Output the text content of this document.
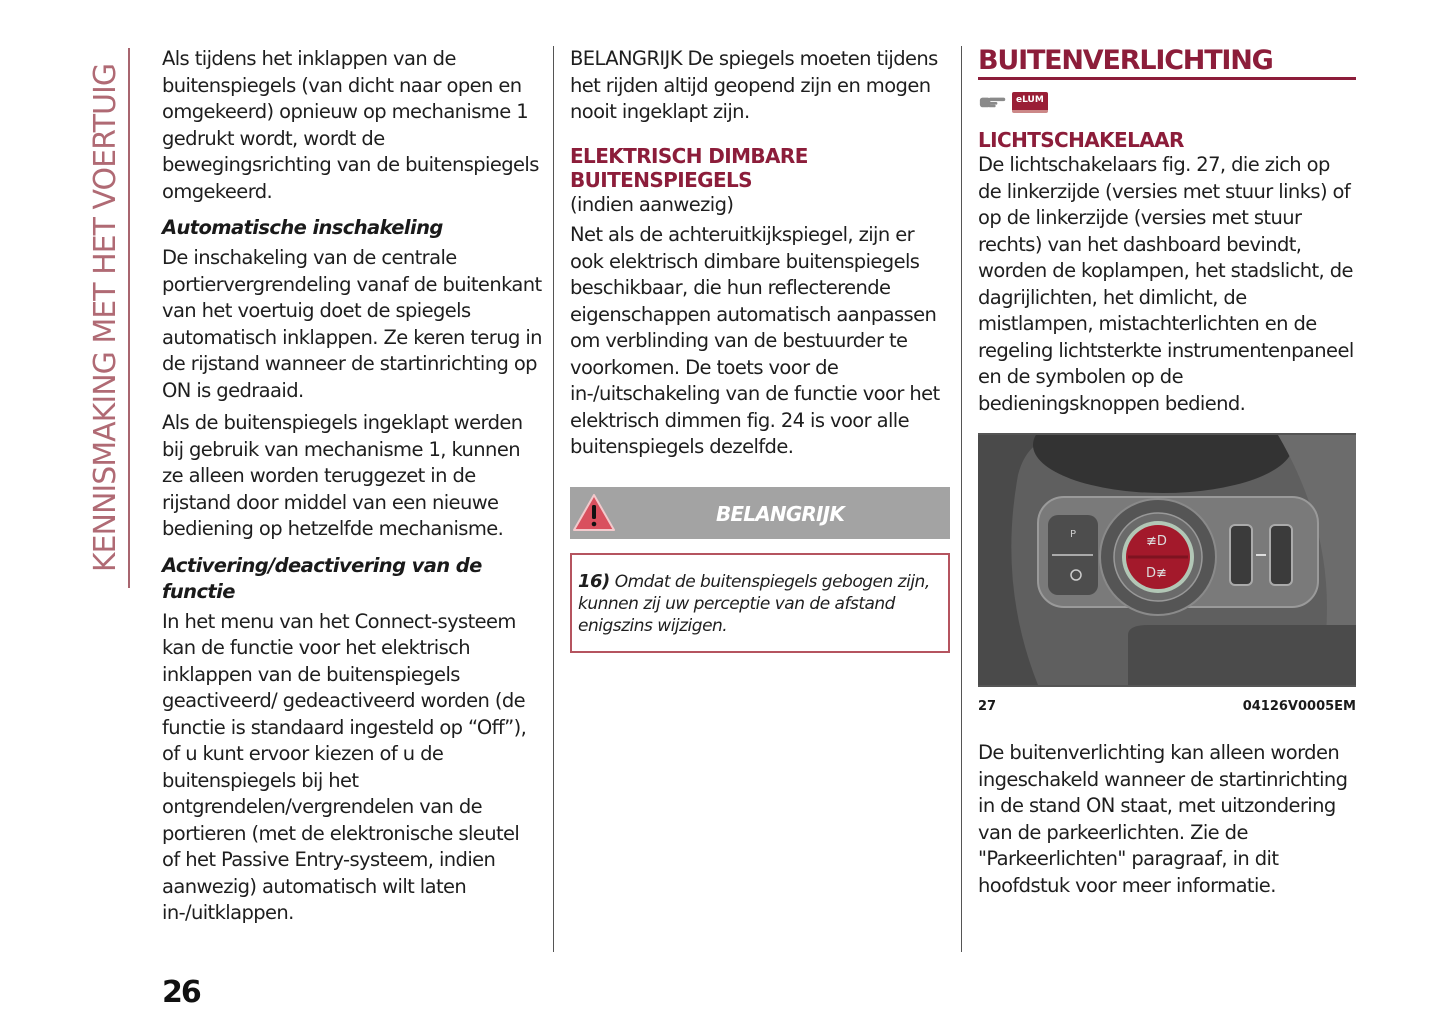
KENNISMAKING MET HET VOERTUIG

Als tijdens het inklappen van de buitenspiegels (van dicht naar open en omgekeerd) opnieuw op mechanisme 1 gedrukt wordt, wordt de bewegingsrichting van de buitenspiegels omgekeerd.

Automatische inschakeling

De inschakeling van de centrale portiervergrendeling vanaf de buitenkant van het voertuig doet de spiegels automatisch inklappen. Ze keren terug in de rijstand wanneer de startinrichting op ON is gedraaid.

Als de buitenspiegels ingeklapt werden bij gebruik van mechanisme 1, kunnen ze alleen worden teruggezet in de rijstand door middel van een nieuwe bediening op hetzelfde mechanisme.

Activering/deactivering van de functie

In het menu van het Connect-systeem kan de functie voor het elektrisch inklappen van de buitenspiegels geactiveerd/ gedeactiveerd worden (de functie is standaard ingesteld op “Off”), of u kunt ervoor kiezen of u de buitenspiegels bij het ontgrendelen/vergrendelen van de portieren (met de elektronische sleutel of het Passive Entry-systeem, indien aanwezig) automatisch wilt laten in-/uitklappen.

BELANGRIJK De spiegels moeten tijdens het rijden altijd geopend zijn en mogen nooit ingeklapt zijn.

ELEKTRISCH DIMBARE BUITENSPIEGELS

(indien aanwezig)

Net als de achteruitkijkspiegel, zijn er ook elektrisch dimbare buitenspiegels beschikbaar, die hun reflecterende eigenschappen automatisch aanpassen om verblinding van de bestuurder te voorkomen. De toets voor de in-/uitschakeling van de functie voor het elektrisch dimmen fig. 24 is voor alle buitenspiegels dezelfde.

BELANGRIJK

16) Omdat de buitenspiegels gebogen zijn, kunnen zij uw perceptie van de afstand enigszins wijzigen.

BUITENVERLICHTING
eLUM
LICHTSCHAKELAAR

De lichtschakelaars fig. 27, die zich op de linkerzijde (versies met stuur links) of op de linkerzijde (versies met stuur rechts) van het dashboard bevindt, worden de koplampen, het stadslicht, de dagrijlichten, het dimlicht, de mistlampen, mistachterlichten en de regeling lichtsterkte instrumentenpaneel en de symbolen op de bedieningsknoppen bediend.

P	≢D
D≢
27	04126V0005EM

De buitenverlichting kan alleen worden ingeschakeld wanneer de startinrichting in de stand ON staat, met uitzondering van de parkeerlichten. Zie de "Parkeerlichten" paragraaf, in dit hoofdstuk voor meer informatie.

26
